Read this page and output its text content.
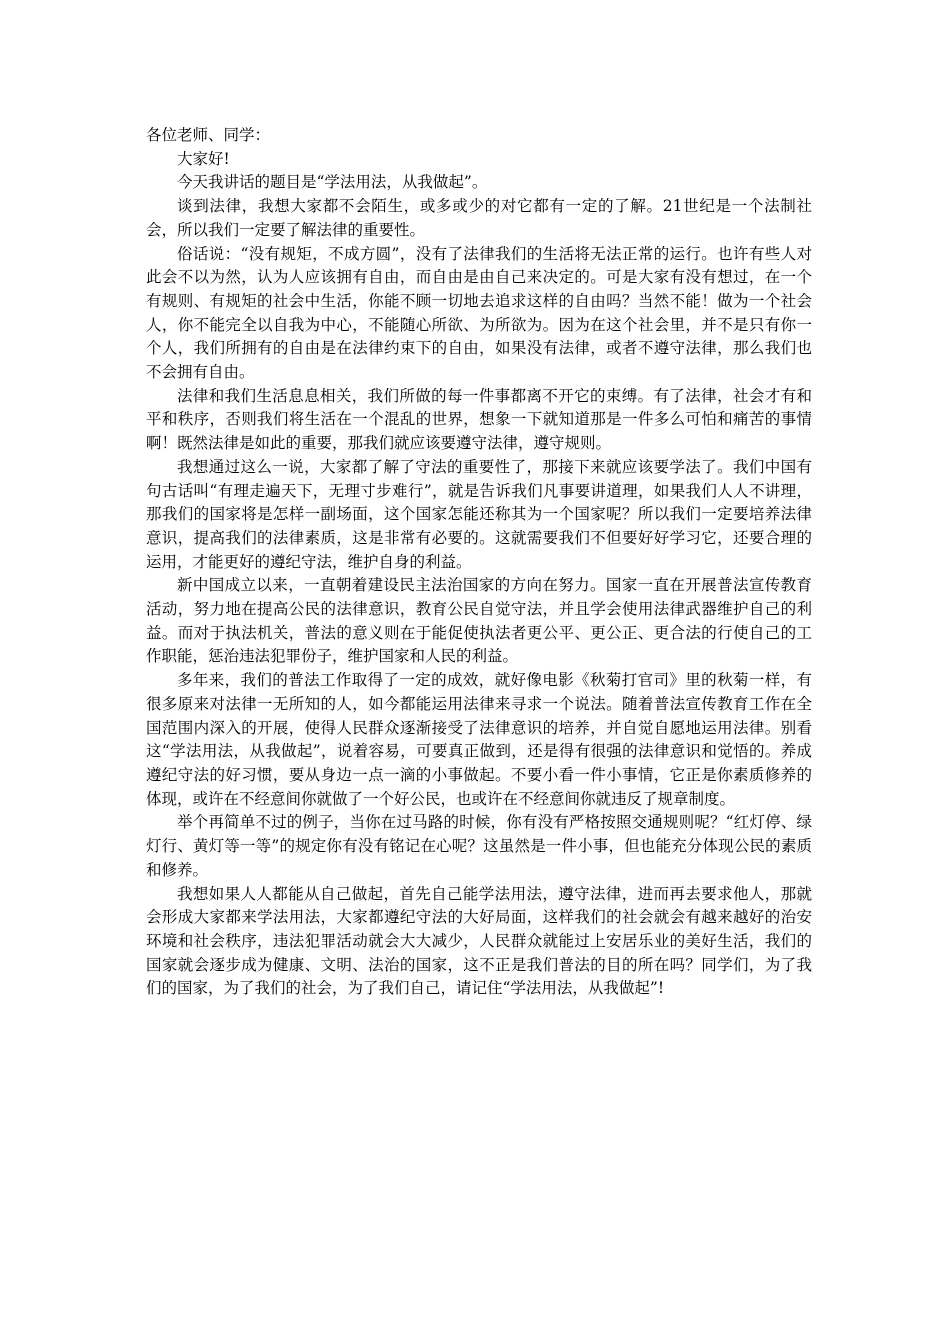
各位老师、同学：

大家好!

今天我讲话的题目是“学法用法，从我做起”。

谈到法律，我想大家都不会陌生，或多或少的对它都有一定的了解。21世纪是一个法制社会，所以我们一定要了解法律的重要性。

俗话说：“没有规矩，不成方圆”，没有了法律我们的生活将无法正常的运行。也许有些人对此会不以为然，认为人应该拥有自由，而自由是由自己来决定的。可是大家有没有想过，在一个有规则、有规矩的社会中生活，你能不顾一切地去追求这样的自由吗？当然不能！做为一个社会人，你不能完全以自我为中心，不能随心所欲、为所欲为。因为在这个社会里，并不是只有你一个人，我们所拥有的自由是在法律约束下的自由，如果没有法律，或者不遵守法律，那么我们也不会拥有自由。

法律和我们生活息息相关，我们所做的每一件事都离不开它的束缚。有了法律，社会才有和平和秩序，否则我们将生活在一个混乱的世界，想象一下就知道那是一件多么可怕和痛苦的事情啊！既然法律是如此的重要，那我们就应该要遵守法律，遵守规则。

我想通过这么一说，大家都了解了守法的重要性了，那接下来就应该要学法了。我们中国有句古话叫“有理走遍天下，无理寸步难行”，就是告诉我们凡事要讲道理，如果我们人人不讲理，那我们的国家将是怎样一副场面，这个国家怎能还称其为一个国家呢？所以我们一定要培养法律意识，提高我们的法律素质，这是非常有必要的。这就需要我们不但要好好学习它，还要合理的运用，才能更好的遵纪守法，维护自身的利益。

新中国成立以来，一直朝着建设民主法治国家的方向在努力。国家一直在开展普法宣传教育活动，努力地在提高公民的法律意识，教育公民自觉守法，并且学会使用法律武器维护自己的利益。而对于执法机关，普法的意义则在于能促使执法者更公平、更公正、更合法的行使自己的工作职能，惩治违法犯罪份子，维护国家和人民的利益。

多年来，我们的普法工作取得了一定的成效，就好像电影《秋菊打官司》里的秋菊一样，有很多原来对法律一无所知的人，如今都能运用法律来寻求一个说法。随着普法宣传教育工作在全国范围内深入的开展，使得人民群众逐渐接受了法律意识的培养，并自觉自愿地运用法律。别看这“学法用法，从我做起”，说着容易，可要真正做到，还是得有很强的法律意识和觉悟的。养成遵纪守法的好习惯，要从身边一点一滴的小事做起。不要小看一件小事情，它正是你素质修养的体现，或许在不经意间你就做了一个好公民，也或许在不经意间你就违反了规章制度。

举个再简单不过的例子，当你在过马路的时候，你有没有严格按照交通规则呢？“红灯停、绿灯行、黄灯等一等”的规定你有没有铭记在心呢？这虽然是一件小事，但也能充分体现公民的素质和修养。

我想如果人人都能从自己做起，首先自己能学法用法，遵守法律，进而再去要求他人，那就会形成大家都来学法用法，大家都遵纪守法的大好局面，这样我们的社会就会有越来越好的治安环境和社会秩序，违法犯罪活动就会大大减少，人民群众就能过上安居乐业的美好生活，我们的国家就会逐步成为健康、文明、法治的国家，这不正是我们普法的目的所在吗？同学们，为了我们的国家，为了我们的社会，为了我们自己，请记住“学法用法，从我做起”!
